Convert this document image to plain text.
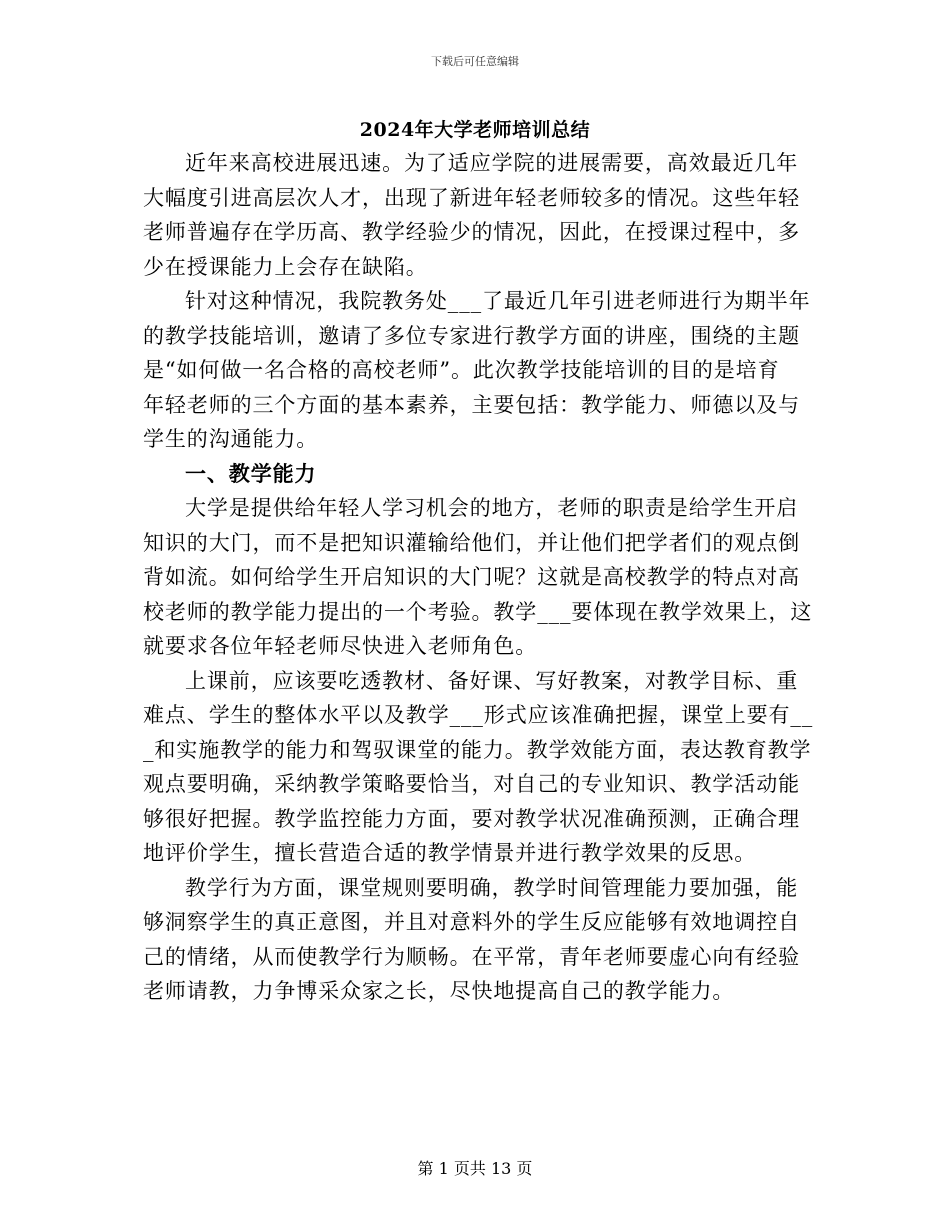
下载后可任意编辑
2024年大学老师培训总结
近年来高校进展迅速。为了适应学院的进展需要，高效最近几年
大幅度引进高层次人才，出现了新进年轻老师较多的情况。这些年轻
老师普遍存在学历高、教学经验少的情况，因此，在授课过程中，多
少在授课能力上会存在缺陷。
针对这种情况，我院教务处___了最近几年引进老师进行为期半年
的教学技能培训，邀请了多位专家进行教学方面的讲座，围绕的主题
是“如何做一名合格的高校老师”。此次教学技能培训的目的是培育
年轻老师的三个方面的基本素养，主要包括：教学能力、师德以及与
学生的沟通能力。
一、教学能力
大学是提供给年轻人学习机会的地方，老师的职责是给学生开启
知识的大门，而不是把知识灌输给他们，并让他们把学者们的观点倒
背如流。如何给学生开启知识的大门呢？这就是高校教学的特点对高
校老师的教学能力提出的一个考验。教学___要体现在教学效果上，这
就要求各位年轻老师尽快进入老师角色。
上课前，应该要吃透教材、备好课、写好教案，对教学目标、重
难点、学生的整体水平以及教学___形式应该准确把握，课堂上要有__
_和实施教学的能力和驾驭课堂的能力。教学效能方面，表达教育教学
观点要明确，采纳教学策略要恰当，对自己的专业知识、教学活动能
够很好把握。教学监控能力方面，要对教学状况准确预测，正确合理
地评价学生，擅长营造合适的教学情景并进行教学效果的反思。
教学行为方面，课堂规则要明确，教学时间管理能力要加强，能
够洞察学生的真正意图，并且对意料外的学生反应能够有效地调控自
己的情绪，从而使教学行为顺畅。在平常，青年老师要虚心向有经验
老师请教，力争博采众家之长，尽快地提高自己的教学能力。
第 1 页共 13 页
